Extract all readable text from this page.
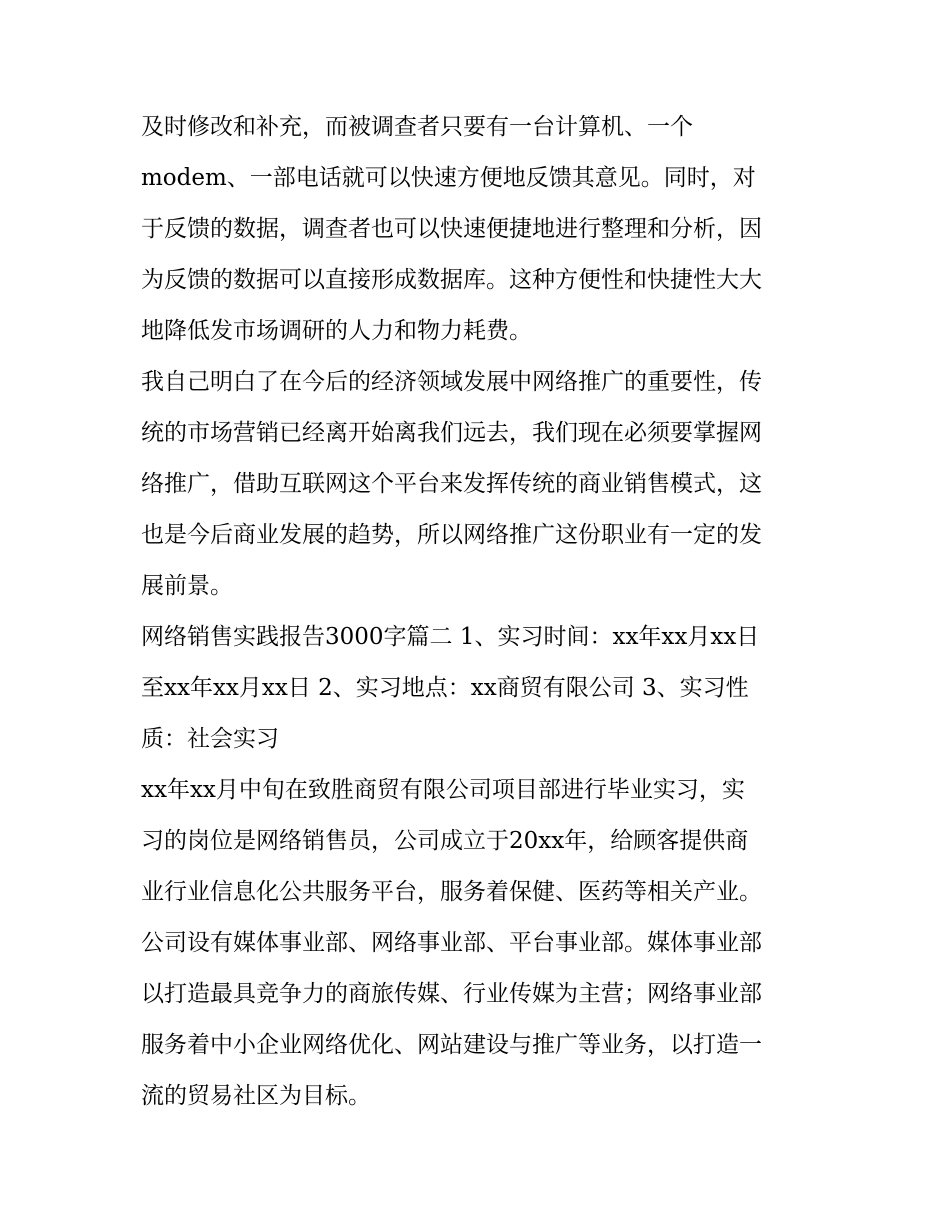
及时修改和补充，而被调查者只要有一台计算机、一个
modem、一部电话就可以快速方便地反馈其意见。同时，对
于反馈的数据，调查者也可以快速便捷地进行整理和分析，因
为反馈的数据可以直接形成数据库。这种方便性和快捷性大大
地降低发市场调研的人力和物力耗费。
我自己明白了在今后的经济领域发展中网络推广的重要性，传
统的市场营销已经离开始离我们远去，我们现在必须要掌握网
络推广，借助互联网这个平台来发挥传统的商业销售模式，这
也是今后商业发展的趋势，所以网络推广这份职业有一定的发
展前景。
网络销售实践报告3000字篇二 1、实习时间：xx年xx月xx日
至xx年xx月xx日 2、实习地点：xx商贸有限公司 3、实习性
质：社会实习
xx年xx月中旬在致胜商贸有限公司项目部进行毕业实习，实
习的岗位是网络销售员，公司成立于20xx年，给顾客提供商
业行业信息化公共服务平台，服务着保健、医药等相关产业。
公司设有媒体事业部、网络事业部、平台事业部。媒体事业部
以打造最具竞争力的商旅传媒、行业传媒为主营；网络事业部
服务着中小企业网络优化、网站建设与推广等业务，以打造一
流的贸易社区为目标。
